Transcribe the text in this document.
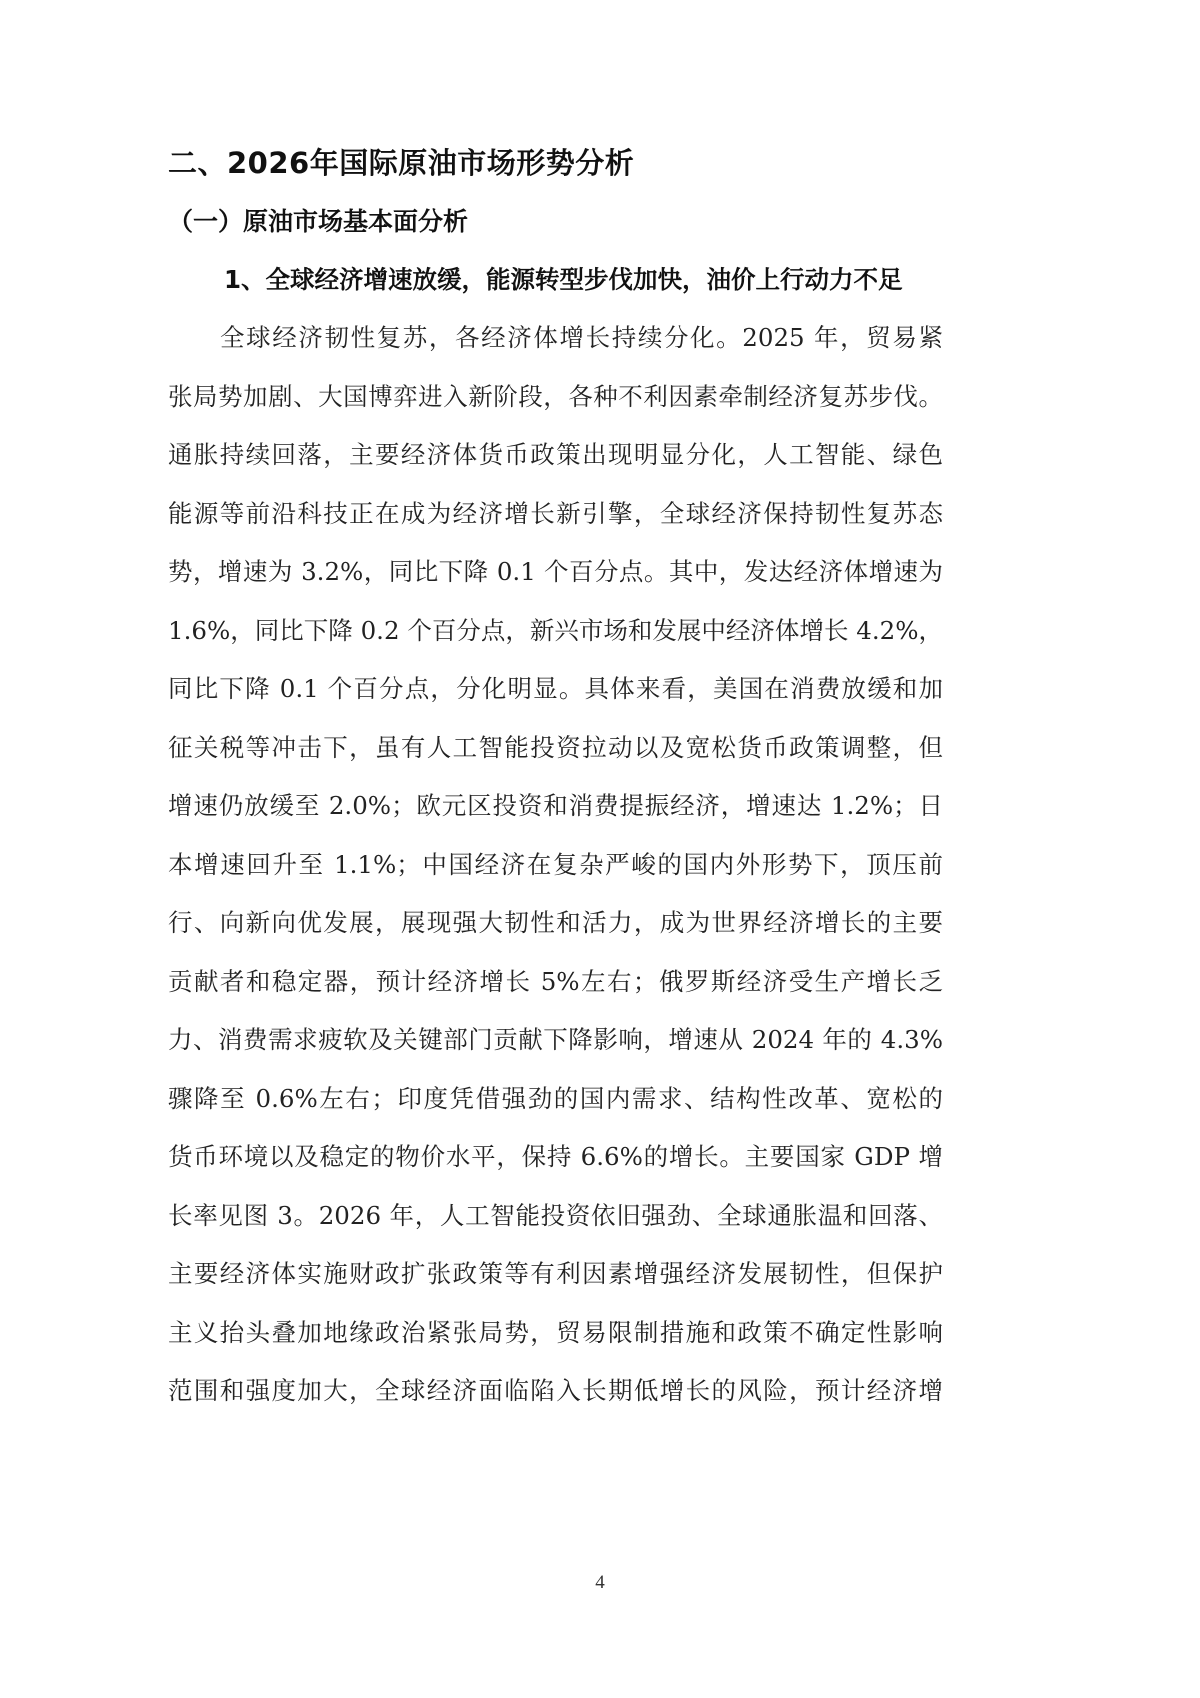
二、2026年国际原油市场形势分析
（一）原油市场基本面分析
1、全球经济增速放缓，能源转型步伐加快，油价上行动力不足
全球经济韧性复苏，各经济体增长持续分化。2025 年，贸易紧
张局势加剧、大国博弈进入新阶段，各种不利因素牵制经济复苏步伐。
通胀持续回落，主要经济体货币政策出现明显分化，人工智能、绿色
能源等前沿科技正在成为经济增长新引擎，全球经济保持韧性复苏态
势，增速为 3.2%，同比下降 0.1 个百分点。其中，发达经济体增速为
1.6%，同比下降 0.2 个百分点，新兴市场和发展中经济体增长 4.2%，
同比下降 0.1 个百分点，分化明显。具体来看，美国在消费放缓和加
征关税等冲击下，虽有人工智能投资拉动以及宽松货币政策调整，但
增速仍放缓至 2.0%；欧元区投资和消费提振经济，增速达 1.2%；日
本增速回升至 1.1%；中国经济在复杂严峻的国内外形势下，顶压前
行、向新向优发展，展现强大韧性和活力，成为世界经济增长的主要
贡献者和稳定器，预计经济增长 5%左右；俄罗斯经济受生产增长乏
力、消费需求疲软及关键部门贡献下降影响，增速从 2024 年的 4.3%
骤降至 0.6%左右；印度凭借强劲的国内需求、结构性改革、宽松的
货币环境以及稳定的物价水平，保持 6.6%的增长。主要国家 GDP 增
长率见图 3。2026 年，人工智能投资依旧强劲、全球通胀温和回落、
主要经济体实施财政扩张政策等有利因素增强经济发展韧性，但保护
主义抬头叠加地缘政治紧张局势，贸易限制措施和政策不确定性影响
范围和强度加大，全球经济面临陷入长期低增长的风险，预计经济增
4
